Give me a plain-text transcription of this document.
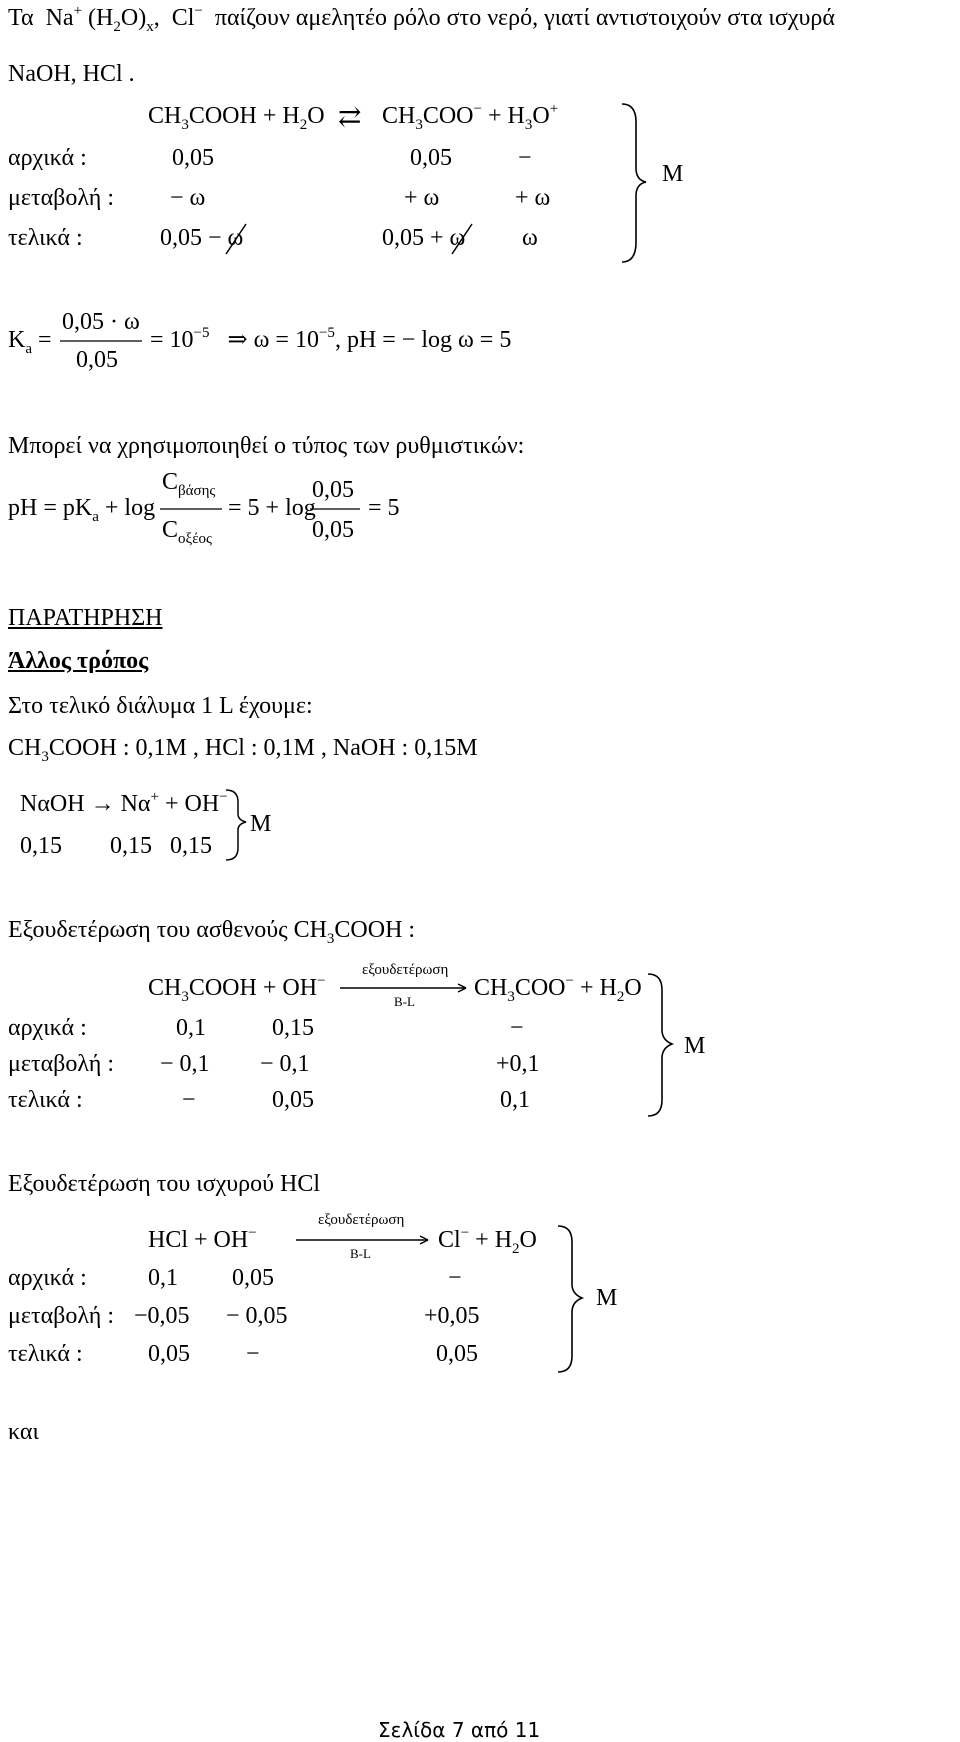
Τα Na+ $(H_2O)_x$, Cl− παίζουν αμελητέο ρόλο στο νερό, γιατί αντιστοιχούν στα ισχυρά
NaOH, HCl .
$CH_3COOH + H_2O$ ⇄ $CH_3COO^- + H_3O^+$
αρχικά :
μεταβολή :
τελικά :
0,05
− ω
0,05 − ω
0,05
+ ω
0,05 + ω
−
+ ω
ω
M
$K_a$ =
0,05 · ω
0,05
= $10^{-5}$ ⇒ $\omega = 10^{-5}$, pH = − log ω = 5
Μπορεί να χρησιμοποιηθεί ο τύπος των ρυθμιστικών:
pH = $pK_a + \log$
$C_{\beta ά\sigma\eta\varsigma}$
$C_{o\xi έo\varsigma}$
= 5 + log
0,05
0,05
= 5
ΠΑΡΑΤΗΡΗΣΗ
Άλλος τρόπος
Στο τελικό διάλυμα 1 L έχουμε:
$CH_3COOH$ : 0,1M , HCl : 0,1M , NaOH : 0,15M
ΝαΟΗ → Να+ + ΟΗ−
0,15 0,15 0,15
M
Εξουδετέρωση του ασθενούς $CH_3COOH$ :
$CH_3COOH + OH^-$
εξουδετέρωση
B-L
$CH_3COO^- + H_2O$
αρχικά :
μεταβολή :
τελικά :
0,1
− 0,1
−
0,15
− 0,1
0,05
−
+0,1
0,1
M
Εξουδετέρωση του ισχυρού HCl
HCl + OH−
εξουδετέρωση
B-L
$Cl^- + H_2O$
αρχικά :
μεταβολή :
τελικά :
0,1
−0,05
0,05
0,05
− 0,05
−
−
+0,05
0,05
M
και
Σελίδα 7 από 11
